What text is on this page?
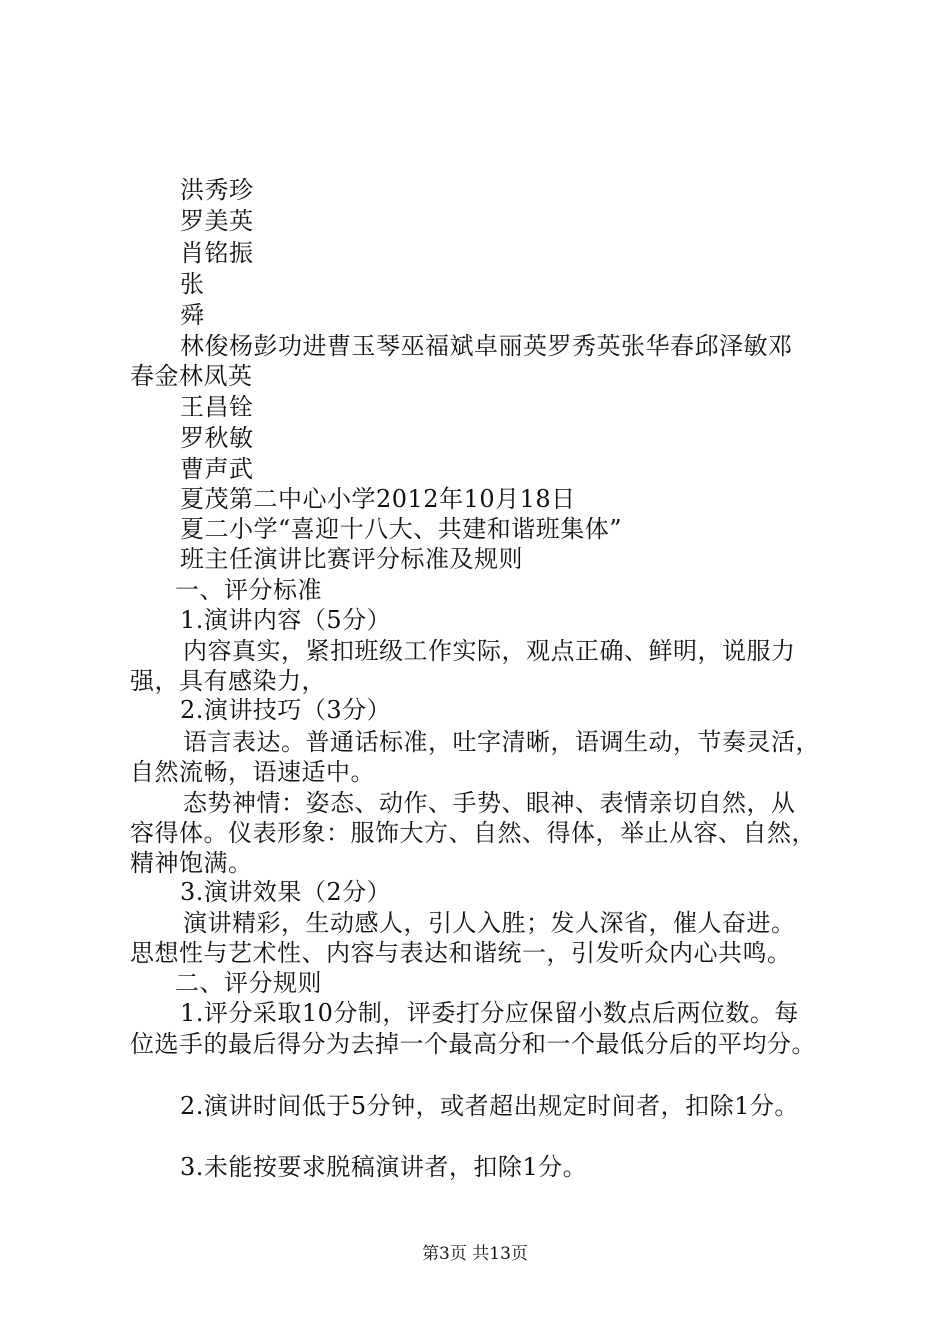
洪秀珍
罗美英
肖铭振
张
舜
林俊杨彭功进曹玉琴巫福斌卓丽英罗秀英张华春邱泽敏邓
春金林凤英
王昌铨
罗秋敏
曹声武
夏茂第二中心小学2012年10月18日
夏二小学“喜迎十八大、共建和谐班集体”
班主任演讲比赛评分标准及规则
一、评分标准
1.演讲内容（5分）
内容真实，紧扣班级工作实际，观点正确、鲜明，说服力
强，具有感染力，
2.演讲技巧（3分）
语言表达。普通话标准，吐字清晰，语调生动，节奏灵活，
自然流畅，语速适中。
态势神情：姿态、动作、手势、眼神、表情亲切自然，从
容得体。仪表形象：服饰大方、自然、得体，举止从容、自然，
精神饱满。
3.演讲效果（2分）
演讲精彩，生动感人，引人入胜；发人深省，催人奋进。
思想性与艺术性、内容与表达和谐统一，引发听众内心共鸣。
二、评分规则
1.评分采取10分制，评委打分应保留小数点后两位数。每
位选手的最后得分为去掉一个最高分和一个最低分后的平均分。
2.演讲时间低于5分钟，或者超出规定时间者，扣除1分。
3.未能按要求脱稿演讲者，扣除1分。
第3页 共13页
